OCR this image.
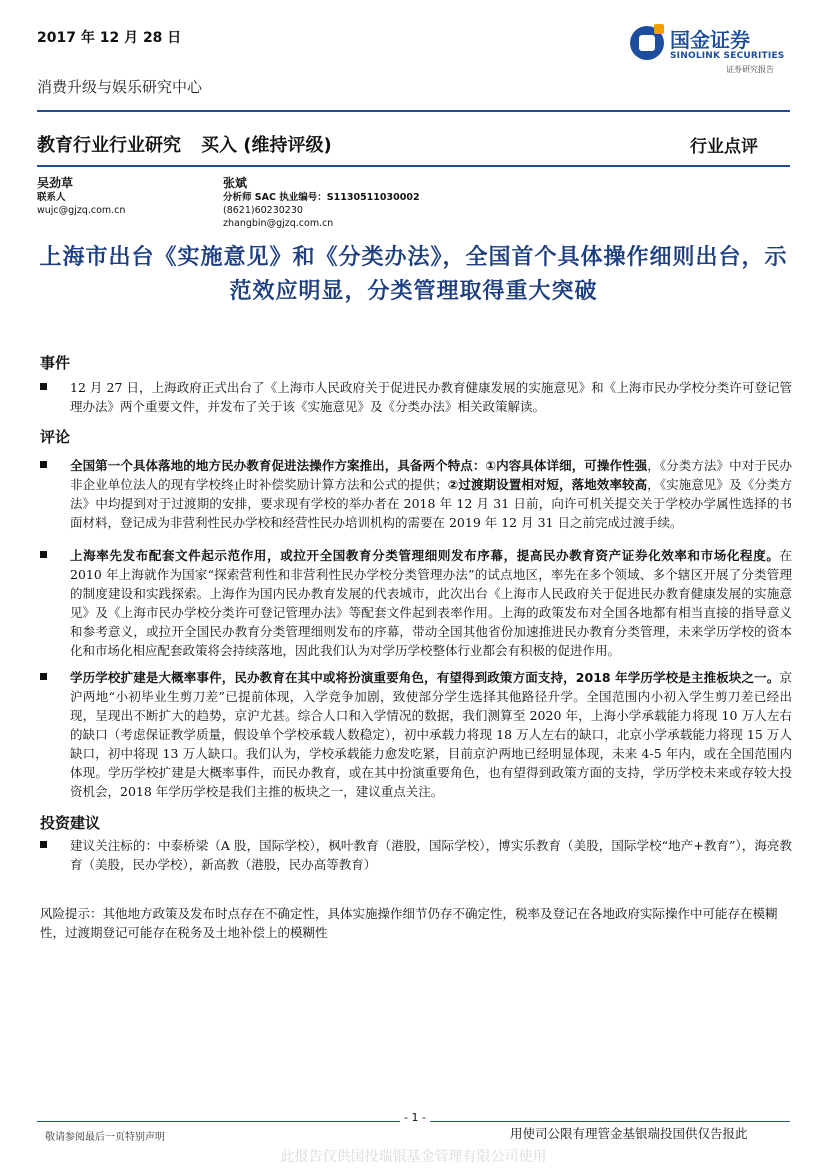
2017 年 12 月 28 日
消费升级与娱乐研究中心
国金证券
SINOLINK SECURITIES
证券研究报告
教育行业行业研究 买入 (维持评级)	行业点评
吴劲草
联系人
wujc@gjzq.com.cn
张斌
分析师 SAC 执业编号：S1130511030002
(8621)60230230
zhangbin@gjzq.com.cn
上海市出台《实施意见》和《分类办法》，全国首个具体操作细则出台，示范效应明显，分类管理取得重大突破
事件
12 月 27 日，上海政府正式出台了《上海市人民政府关于促进民办教育健康发展的实施意见》和《上海市民办学校分类许可登记管理办法》两个重要文件，并发布了关于该《实施意见》及《分类办法》相关政策解读。
评论
全国第一个具体落地的地方民办教育促进法操作方案推出，具备两个特点：①内容具体详细，可操作性强，《分类方法》中对于民办非企业单位法人的现有学校终止时补偿奖励计算方法和公式的提供；②过渡期设置相对短，落地效率较高，《实施意见》及《分类方法》中均提到对于过渡期的安排，要求现有学校的举办者在 2018 年 12 月 31 日前，向许可机关提交关于学校办学属性选择的书面材料，登记成为非营利性民办学校和经营性民办培训机构的需要在 2019 年 12 月 31 日之前完成过渡手续。
上海率先发布配套文件起示范作用，或拉开全国教育分类管理细则发布序幕，提高民办教育资产证券化效率和市场化程度。在 2010 年上海就作为国家“探索营利性和非营利性民办学校分类管理办法”的试点地区，率先在多个领域、多个辖区开展了分类管理的制度建设和实践探索。上海作为国内民办教育发展的代表城市，此次出台《上海市人民政府关于促进民办教育健康发展的实施意见》及《上海市民办学校分类许可登记管理办法》等配套文件起到表率作用。上海的政策发布对全国各地都有相当直接的指导意义和参考意义，或拉开全国民办教育分类管理细则发布的序幕，带动全国其他省份加速推进民办教育分类管理，未来学历学校的资本化和市场化相应配套政策将会持续落地，因此我们认为对学历学校整体行业都会有积极的促进作用。
学历学校扩建是大概率事件，民办教育在其中或将扮演重要角色，有望得到政策方面支持，2018 年学历学校是主推板块之一。京沪两地“小初毕业生剪刀差”已提前体现，入学竞争加剧，致使部分学生选择其他路径升学。全国范围内小初入学生剪刀差已经出现，呈现出不断扩大的趋势，京沪尤甚。综合人口和入学情况的数据，我们测算至 2020 年，上海小学承载能力将现 10 万人左右的缺口（考虑保证教学质量，假设单个学校承载人数稳定），初中承载力将现 18 万人左右的缺口，北京小学承载能力将现 15 万人缺口，初中将现 13 万人缺口。我们认为，学校承载能力愈发吃紧，目前京沪两地已经明显体现，未来 4-5 年内，或在全国范围内体现。学历学校扩建是大概率事件，而民办教育，或在其中扮演重要角色，也有望得到政策方面的支持，学历学校未来或存较大投资机会，2018 年学历学校是我们主推的板块之一，建议重点关注。
投资建议
建议关注标的：中泰桥梁（A 股，国际学校），枫叶教育（港股，国际学校），博实乐教育（美股，国际学校“地产+教育”），海亮教育（美股，民办学校），新高教（港股，民办高等教育）
风险提示：其他地方政策及发布时点存在不确定性，具体实施操作细节仍存不确定性，税率及登记在各地政府实际操作中可能存在模糊性，过渡期登记可能存在税务及土地补偿上的模糊性
- 1 -
敬请参阅最后一页特别声明	用使司公限有理管金基银瑞投国供仅告报此
此报告仅供国投瑞银基金管理有限公司使用
